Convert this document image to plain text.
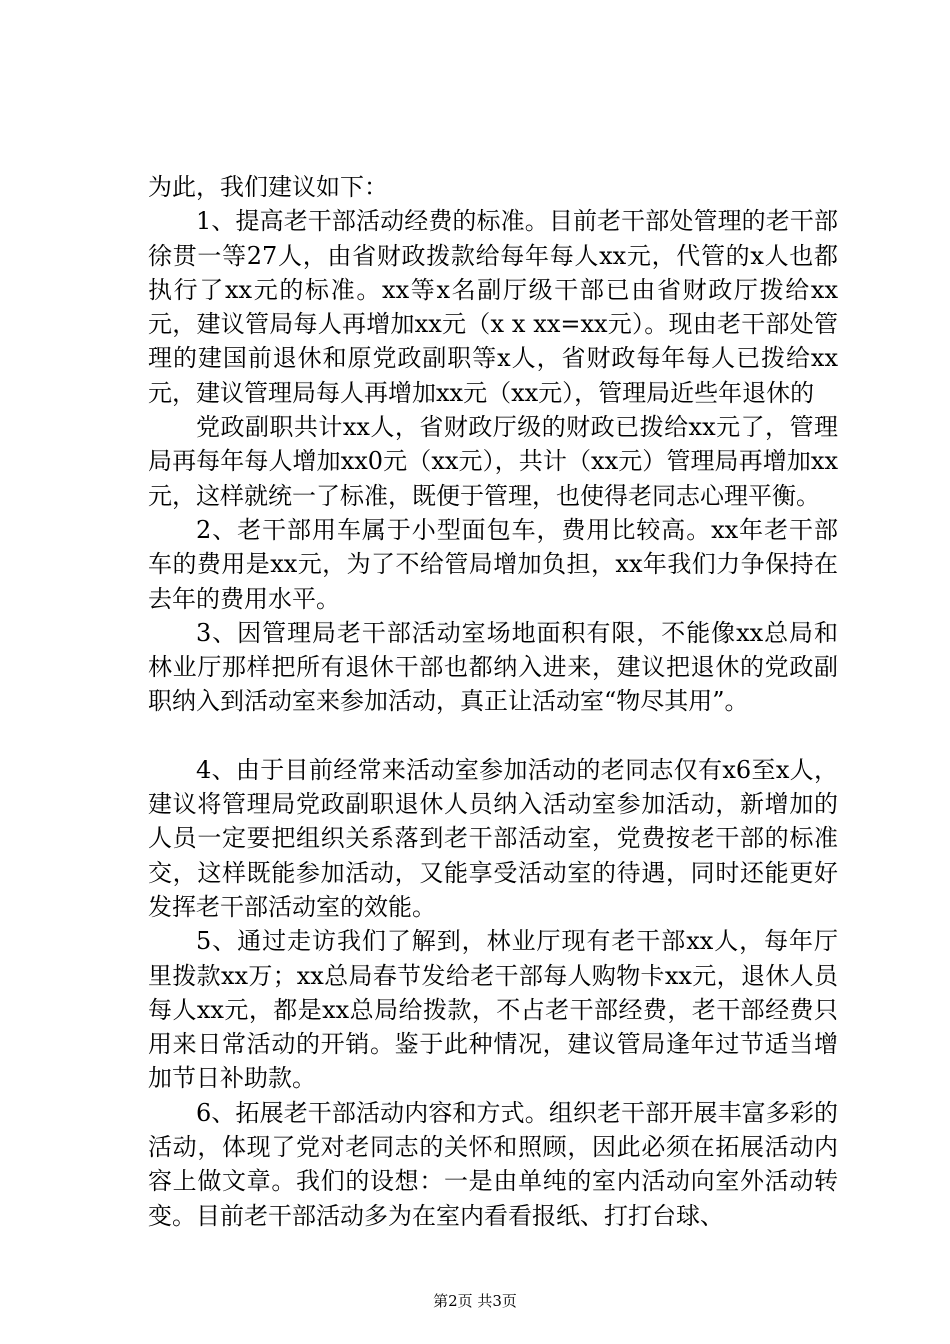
为此，我们建议如下：

1、提高老干部活动经费的标准。目前老干部处管理的老干部徐贯一等27人，由省财政拨款给每年每人xx元，代管的x人也都执行了xx元的标准。xx等x名副厅级干部已由省财政厅拨给xx元，建议管局每人再增加xx元（x x xx=xx元）。现由老干部处管理的建国前退休和原党政副职等x人，省财政每年每人已拨给xx元，建议管理局每人再增加xx元（xx元），管理局近些年退休的

党政副职共计xx人，省财政厅级的财政已拨给xx元了，管理局再每年每人增加xx0元（xx元），共计（xx元）管理局再增加xx元，这样就统一了标准，既便于管理，也使得老同志心理平衡。

2、老干部用车属于小型面包车，费用比较高。xx年老干部车的费用是xx元，为了不给管局增加负担，xx年我们力争保持在去年的费用水平。

3、因管理局老干部活动室场地面积有限，不能像xx总局和林业厅那样把所有退休干部也都纳入进来，建议把退休的党政副职纳入到活动室来参加活动，真正让活动室“物尽其用”。

4、由于目前经常来活动室参加活动的老同志仅有x6至x人，建议将管理局党政副职退休人员纳入活动室参加活动，新增加的人员一定要把组织关系落到老干部活动室，党费按老干部的标准交，这样既能参加活动，又能享受活动室的待遇，同时还能更好发挥老干部活动室的效能。

5、通过走访我们了解到，林业厅现有老干部xx人，每年厅里拨款xx万；xx总局春节发给老干部每人购物卡xx元，退休人员每人xx元，都是xx总局给拨款，不占老干部经费，老干部经费只用来日常活动的开销。鉴于此种情况，建议管局逢年过节适当增加节日补助款。

6、拓展老干部活动内容和方式。组织老干部开展丰富多彩的活动，体现了党对老同志的关怀和照顾，因此必须在拓展活动内容上做文章。我们的设想：一是由单纯的室内活动向室外活动转变。目前老干部活动多为在室内看看报纸、打打台球、

第2页 共3页
